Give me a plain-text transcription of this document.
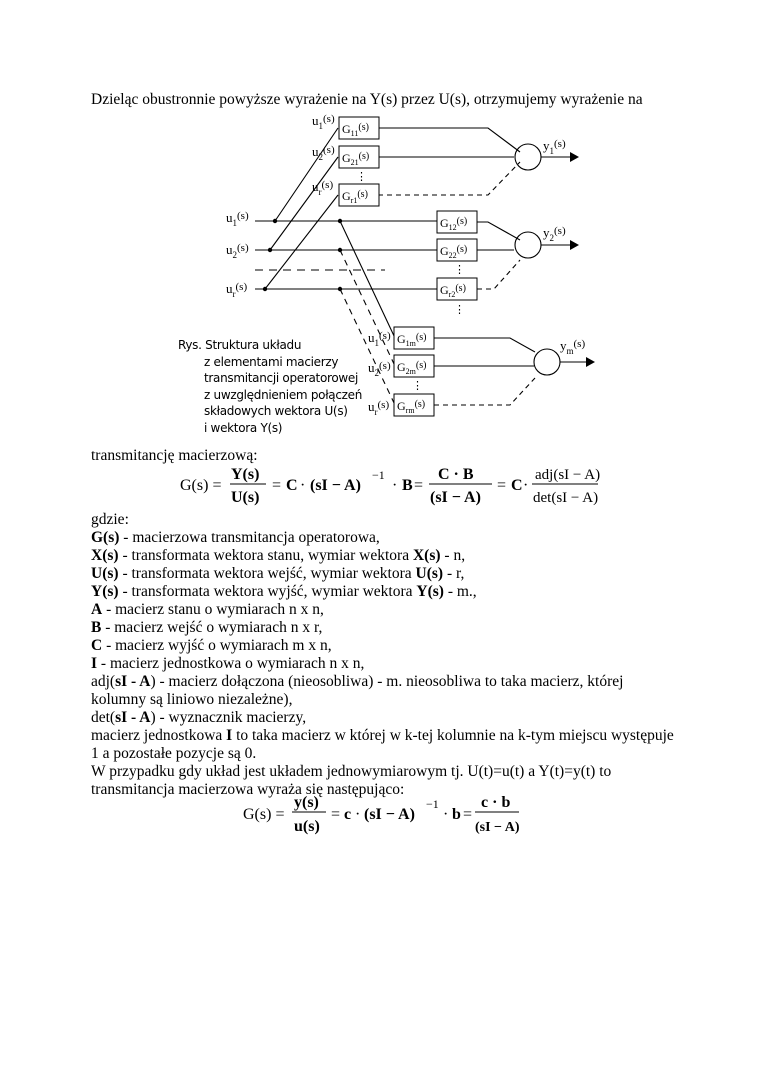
Dzieląc obustronnie powyższe wyrażenie na Y(s) przez U(s), otrzymujemy wyrażenie na
$G_{11}^{(s)}$
$G_{21}^{(s)}$
$G_{r1}^{(s)}$
$G_{12}^{(s)}$
$G_{22}^{(s)}$
$G_{r2}^{(s)}$
$G_{1m}^{(s)}$
$G_{2m}^{(s)}$
$G_{rm}^{(s)}$
$u_1^{(s)}$
$u_2^{(s)}$
$u_r^{(s)}$
$u_1^{(s)}$
$u_2^{(s)}$
$u_r^{(s)}$
$u_1^{(s)}$
$u_2^{(s)}$
$u_r^{(s)}$
$y_1^{(s)}$
$y_2^{(s)}$
$y_m^{(s)}$
⋮
⋮
⋮
⋮
Rys. Struktura układu
z elementami macierzy
transmitancji operatorowej
z uwzględnieniem połączeń
składowych wektora U(s)
i wektora Y(s)
transmitancję macierzową:
G(s) =
Y(s)
U(s)
= C · (sI − A)
−1
· B =
C · B
(sI − A)
= C ·
adj(sI − A)
det(sI − A)
gdzie:
G(s) - macierzowa transmitancja operatorowa,
X(s) - transformata wektora stanu, wymiar wektora X(s) - n,
U(s) - transformata wektora wejść, wymiar wektora U(s) - r,
Y(s) - transformata wektora wyjść, wymiar wektora Y(s) - m.,
A - macierz stanu o wymiarach n x n,
B - macierz wejść o wymiarach n x r,
C - macierz wyjść o wymiarach m x n,
I - macierz jednostkowa o wymiarach n x n,
adj(sI - A) - macierz dołączona (nieosobliwa) - m. nieosobliwa to taka macierz, której
kolumny są liniowo niezależne),
det(sI - A) - wyznacznik macierzy,
macierz jednostkowa I to taka macierz w której w k-tej kolumnie na k-tym miejscu występuje
1 a pozostałe pozycje są 0.
W przypadku gdy układ jest układem jednowymiarowym tj. U(t)=u(t) a Y(t)=y(t) to
transmitancja macierzowa wyraża się następująco:
G(s) =
y(s)
u(s)
= c · (sI − A)
−1
· b =
c · b
(sI − A)
